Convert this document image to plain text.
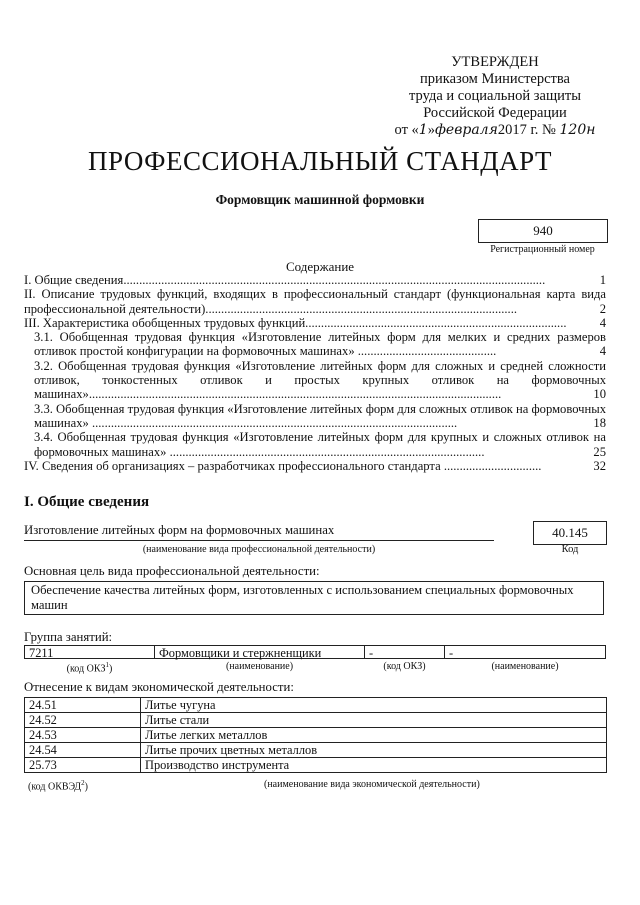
УТВЕРЖДЕН
приказом Министерства
труда и социальной защиты
Российской Федерации
от «1»февраля2017 г. № 120н
ПРОФЕССИОНАЛЬНЫЙ СТАНДАРТ
Формовщик машинной формовки
940
Регистрационный номер
Содержание
I. Общие сведения......................................................................................................................................	1
II. Описание трудовых функций, входящих в профессиональный стандарт (функциональная карта вида профессиональной деятельности)...................................................................................................	2
III. Характеристика обобщенных трудовых функций...................................................................................	4
3.1. Обобщенная трудовая функция «Изготовление литейных форм для мелких и средних размеров отливок простой конфигурации на формовочных машинах» ............................................	4
3.2. Обобщенная трудовая функция «Изготовление литейных форм для сложных и средней сложности отливок, тонкостенных отливок и простых крупных отливок на формовочных машинах»...................................................................................................................................	10
3.3. Обобщенная трудовая функция «Изготовление литейных форм для сложных отливок на формовочных машинах» ....................................................................................................................	18
3.4. Обобщенная трудовая функция «Изготовление литейных форм для крупных и сложных отливок на формовочных машинах» ....................................................................................................	25
IV. Сведения об организациях – разработчиках профессионального стандарта ...............................	32
I. Общие сведения
Изготовление литейных форм на формовочных машинах
(наименование вида профессиональной деятельности)
40.145
Код
Основная цель вида профессиональной деятельности:
Обеспечение качества литейных форм, изготовленных с использованием специальных формовочных машин
Группа занятий:
7211	Формовщики и стержненщики	-	-
(код ОКЗ$^1$)	(наименование)	(код ОКЗ)	(наименование)
Отнесение к видам экономической деятельности:
24.51	Литье чугуна
24.52	Литье стали
24.53	Литье легких металлов
24.54	Литье прочих цветных металлов
25.73	Производство инструмента
(код ОКВЭД$^2$)	(наименование вида экономической деятельности)
